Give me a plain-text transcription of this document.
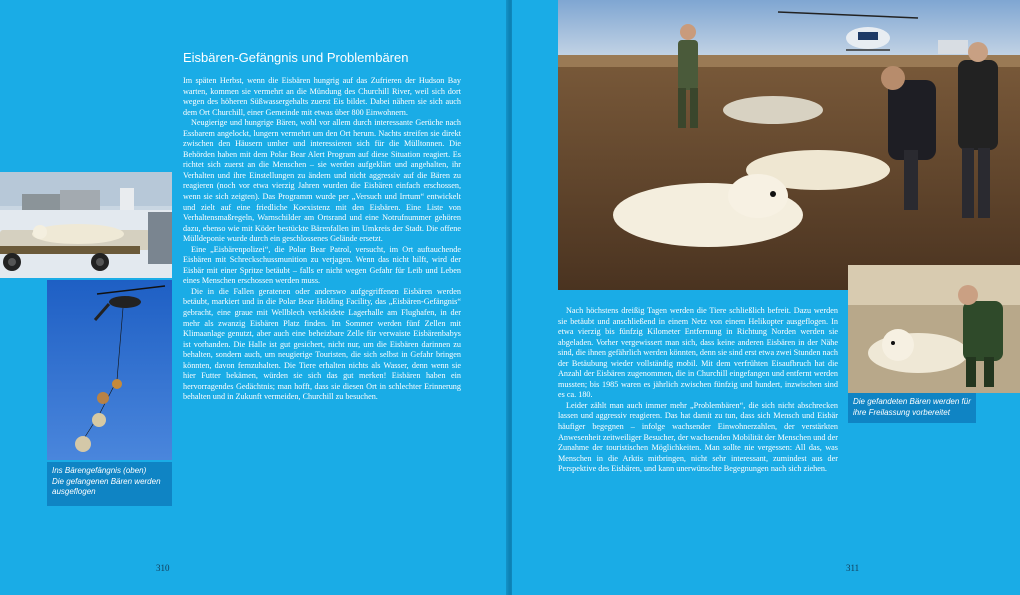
Ins Bärengefängnis (oben)
Die gefangenen Bären werden ausgeflogen
Eisbären-Gefängnis und Problembären

Im späten Herbst, wenn die Eisbären hungrig auf das Zufrieren der Hudson Bay warten, kommen sie vermehrt an die Mündung des Churchill River, weil sich dort wegen des höheren Süßwassergehalts zuerst Eis bildet. Dabei nähern sie sich auch dem Ort Churchill, einer Gemeinde mit etwas über 800 Einwohnern.

Neugierige und hungrige Bären, wohl vor allem durch interessante Gerüche nach Essbarem angelockt, lungern vermehrt um den Ort herum. Nachts streifen sie direkt zwischen den Häusern umher und interessieren sich für die Mülltonnen. Die Behörden haben mit dem Polar Bear Alert Program auf diese Situation reagiert. Es richtet sich zuerst an die Menschen – sie werden aufgeklärt und angehalten, ihr Verhalten und ihre Einstellungen zu ändern und nicht aggressiv auf die Bären zu reagieren (noch vor etwa vierzig Jahren wurden die Eisbären einfach erschossen, wenn sie sich zeigten). Das Programm wurde per „Versuch und Irrtum“ entwickelt und zielt auf eine friedliche Koexistenz mit den Eisbären. Eine Liste von Verhaltensmaßregeln, Warnschilder am Ortsrand und eine Notrufnummer gehören dazu, ebenso wie mit Köder bestückte Bärenfallen im Umkreis der Stadt. Die offene Mülldeponie wurde durch ein geschlossenes Gelände ersetzt.

Eine „Eisbärenpolizei“, die Polar Bear Patrol, versucht, im Ort auftauchende Eisbären mit Schreckschussmunition zu verjagen. Wenn das nicht hilft, wird der Eisbär mit einer Spritze betäubt – falls er nicht wegen Gefahr für Leib und Leben eines Menschen erschossen werden muss.

Die in die Fallen geratenen oder anderswo aufgegriffenen Eisbären werden betäubt, markiert und in die Polar Bear Holding Facility, das „Eisbären-Gefängnis“ gebracht, eine graue mit Wellblech verkleidete Lagerhalle am Flughafen, in der mehr als zwanzig Eisbären Platz finden. Im Sommer werden fünf Zellen mit Klimaanlage genutzt, aber auch eine beheizbare Zelle für verwaiste Eisbärenbabys ist vorhanden. Die Halle ist gut gesichert, nicht nur, um die Eisbären darinnen zu behalten, sondern auch, um neugierige Touristen, die sich selbst in Gefahr bringen könnten, davon fernzuhalten. Die Tiere erhalten nichts als Wasser, denn wenn sie hier Futter bekämen, würden sie sich das gut merken! Eisbären haben ein hervorragendes Gedächtnis; man hofft, dass sie diesen Ort in schlechter Erinnerung behalten und in Zukunft vermeiden, Churchill zu besuchen.

310
Die gefandeten Bären werden für ihre Freilassung vorbereitet

Nach höchstens dreißig Tagen werden die Tiere schließlich befreit. Dazu werden sie betäubt und anschließend in einem Netz von einem Helikopter ausgeflogen. In etwa vierzig bis fünfzig Kilometer Entfernung in Richtung Norden werden sie abgeladen. Vorher vergewissert man sich, dass keine anderen Eisbären in der Nähe sind, die ihnen gefährlich werden könnten, denn sie sind erst etwa zwei Stunden nach der Betäubung wieder vollständig mobil. Mit dem verfrühten Eisaufbruch hat die Anzahl der Eisbären zugenommen, die in Churchill eingefangen und entfernt werden mussten; bis 1985 waren es jährlich zwischen fünfzig und hundert, inzwischen sind es ca. 180.

Leider zählt man auch immer mehr „Problembären“, die sich nicht abschrecken lassen und aggressiv reagieren. Das hat damit zu tun, dass sich Mensch und Eisbär häufiger begegnen – infolge wachsender Einwohnerzahlen, der verstärkten Anwesenheit zeitweiliger Besucher, der wachsenden Mobilität der Menschen und der Zunahme der touristischen Möglichkeiten. Man sollte nie vergessen: All das, was Menschen in die Arktis mitbringen, nicht sehr interessant, zumindest aus der Perspektive des Eisbären, und kann unerwünschte Begegnungen nach sich ziehen.

311
